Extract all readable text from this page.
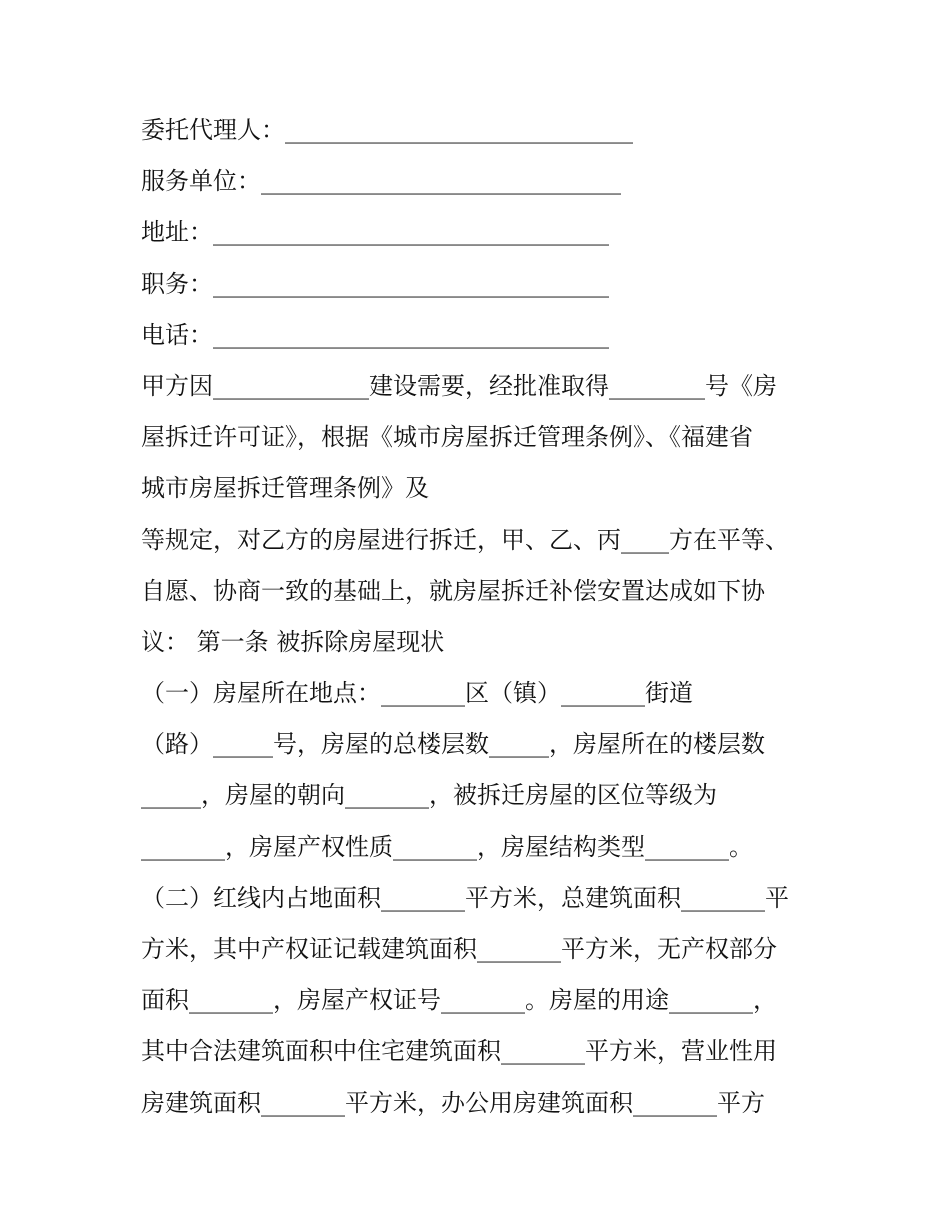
委托代理人：_____________________________
服务单位：______________________________
地址：_________________________________
职务：_________________________________
电话：_________________________________
甲方因_____________建设需要，经批准取得________号《房
屋拆迁许可证》，根据《城市房屋拆迁管理条例》、《福建省
城市房屋拆迁管理条例》及
等规定，对乙方的房屋进行拆迁，甲、乙、丙____方在平等、
自愿、协商一致的基础上，就房屋拆迁补偿安置达成如下协
议： 第一条 被拆除房屋现状
（一）房屋所在地点：_______区（镇）_______街道
（路）_____号，房屋的总楼层数_____，房屋所在的楼层数
_____，房屋的朝向_______，被拆迁房屋的区位等级为
_______，房屋产权性质_______，房屋结构类型_______。
（二）红线内占地面积_______平方米，总建筑面积_______平
方米，其中产权证记载建筑面积_______平方米，无产权部分
面积_______，房屋产权证号_______。房屋的用途_______，
其中合法建筑面积中住宅建筑面积_______平方米，营业性用
房建筑面积_______平方米，办公用房建筑面积_______平方
